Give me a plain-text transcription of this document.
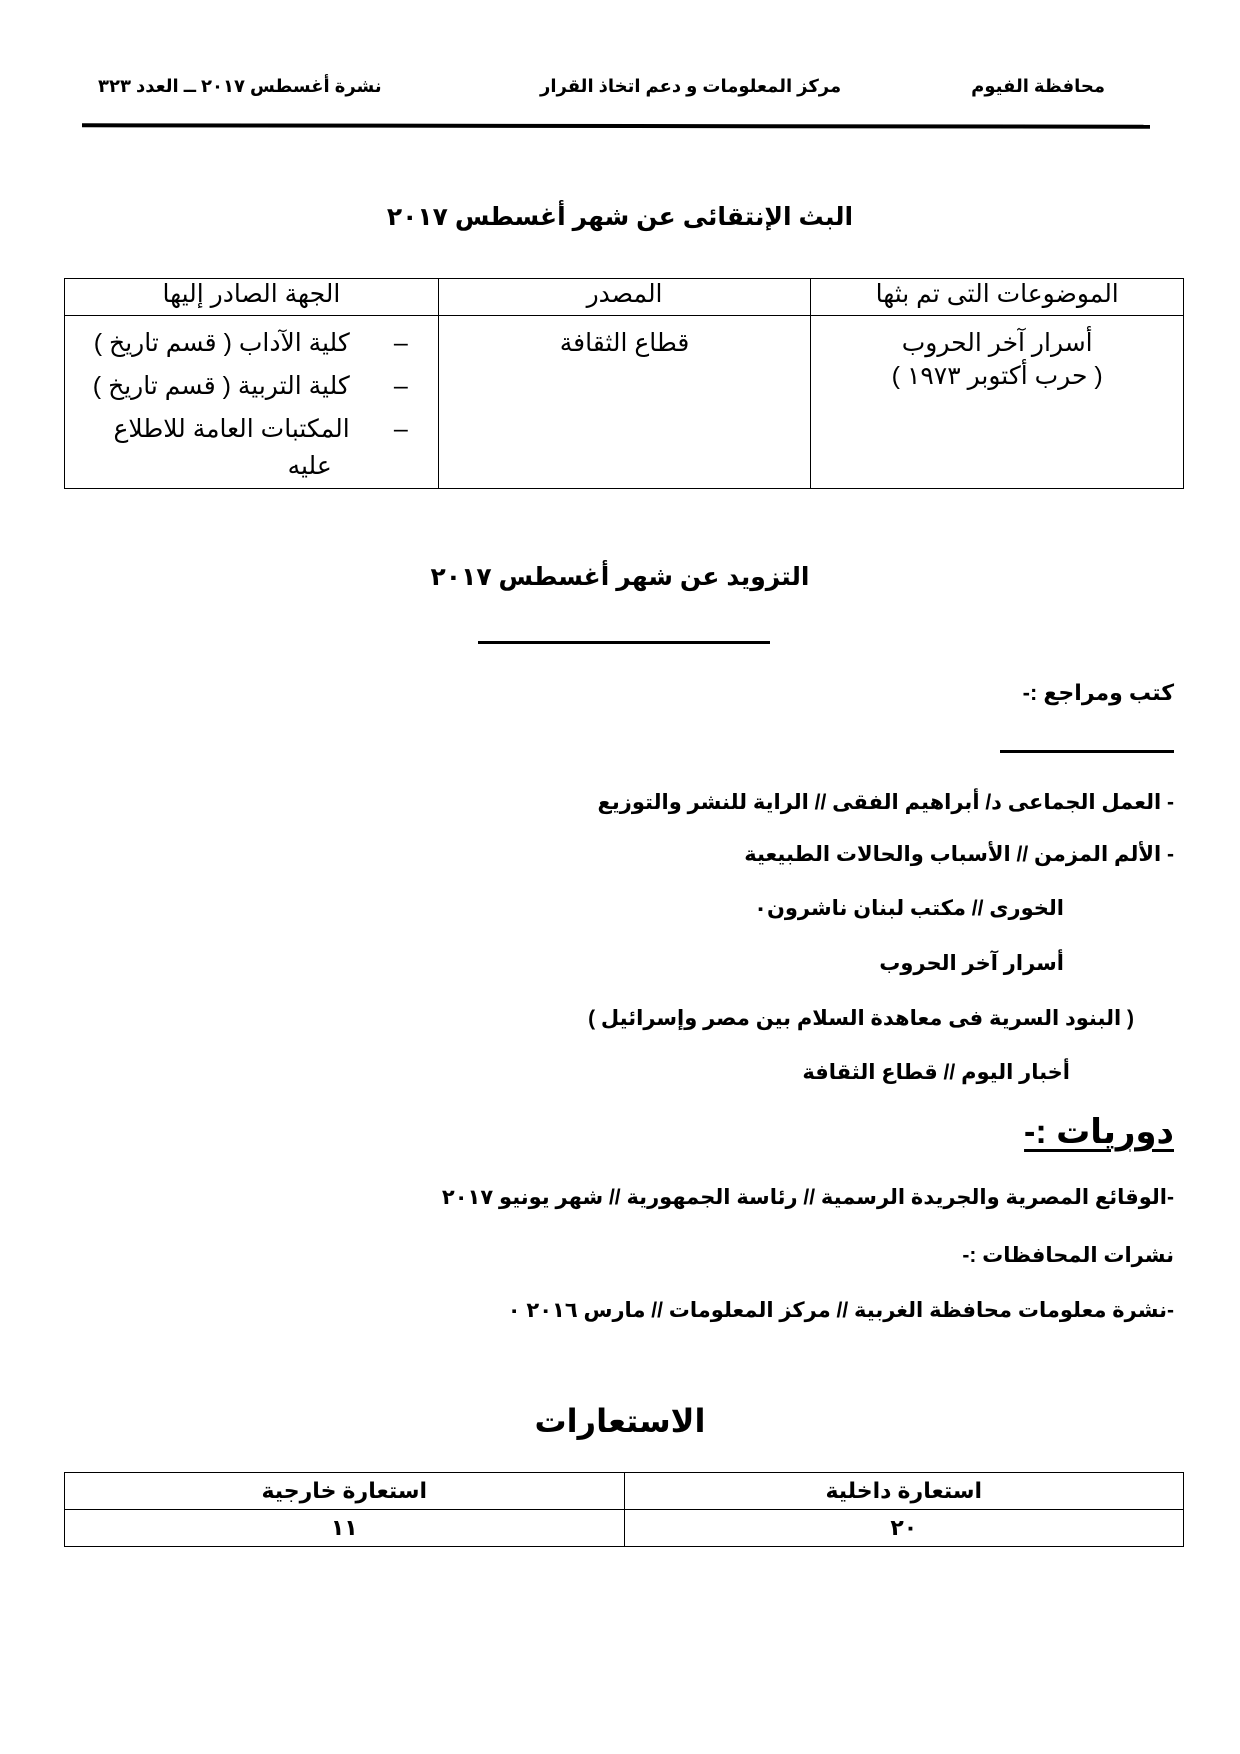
محافظة الفيوم
مركز المعلومات و دعم اتخاذ القرار
نشرة أغسطس ٢٠١٧ ــ العدد ٣٢٣
البث الإنتقائى عن شهر أغسطس ٢٠١٧
الموضوعات التى تم بثها	المصدر	الجهة الصادر إليها

أسرار آخر الحروب
( حرب أكتوبر ١٩٧٣ )	قطاع الثقافة	–كلية الآداب ( قسم تاريخ )
–كلية التربية ( قسم تاريخ )
–المكتبات العامة للاطلاع
عليه
التزويد عن شهر أغسطس ٢٠١٧
كتب ومراجع :-
- العمل الجماعى د/ أبراهيم الفقى // الراية للنشر والتوزيع
- الألم المزمن // الأسباب والحالات الطبيعية
الخورى // مكتب لبنان ناشرون٠
أسرار آخر الحروب
( البنود السرية فى معاهدة السلام بين مصر وإسرائيل )
أخبار اليوم // قطاع الثقافة
دوريات :-
-الوقائع المصرية والجريدة الرسمية // رئاسة الجمهورية // شهر يونيو ٢٠١٧
نشرات المحافظات :-
-نشرة معلومات محافظة الغربية // مركز المعلومات // مارس ٢٠١٦ ٠
الاستعارات
استعارة داخلية	استعارة خارجية
٢٠	١١
